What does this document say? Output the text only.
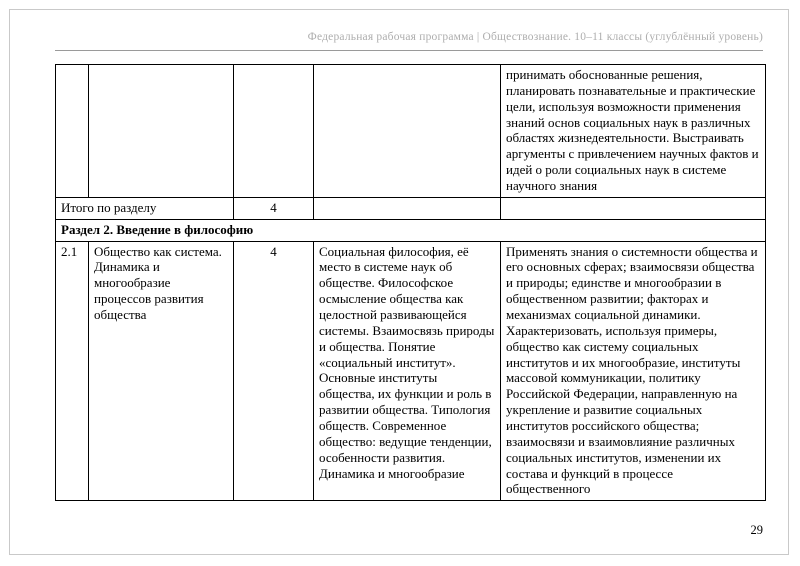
Федеральная рабочая программа | Обществознание. 10–11 классы (углублённый уровень)
				принимать обоснованные решения, планировать познавательные и практические цели, используя возможности применения знаний основ социальных наук в различных областях жизнедеятельности. Выстраивать аргументы с привлечением научных фактов и идей о роли социальных наук в системе научного знания
Итого по разделу		4		
Раздел 2. Введение в философию				
2.1	Общество как система. Динамика и многообразие процессов развития общества	4	Социальная философия, её место в системе наук об обществе. Философское осмысление общества как целостной развивающейся системы. Взаимосвязь природы и общества. Понятие «социальный институт». Основные институты общества, их функции и роль в развитии общества. Типология обществ. Современное общество: ведущие тенденции, особенности развития. Динамика и многообразие	Применять знания о системности общества и его основных сферах; взаимосвязи общества и природы; единстве и многообразии в общественном развитии; факторах и механизмах социальной динамики. Характеризовать, используя примеры, общество как систему социальных институтов и их многообразие, институты массовой коммуникации, политику Российской Федерации, направленную на укрепление и развитие социальных институтов российского общества; взаимосвязи и взаимовлияние различных социальных институтов, изменении их состава и функций в процессе общественного
29
